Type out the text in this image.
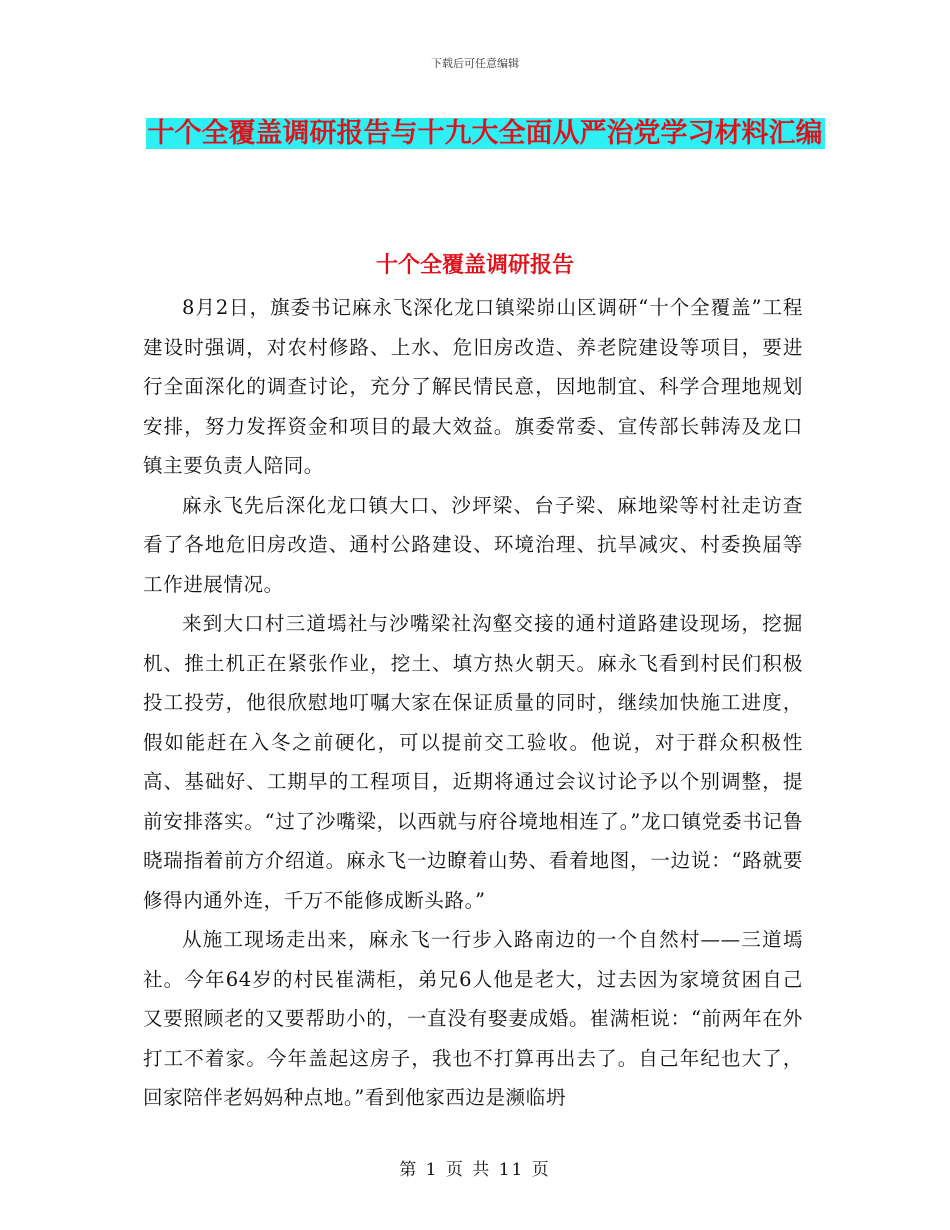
下载后可任意编辑
十个全覆盖调研报告与十九大全面从严治党学习材料汇编
十个全覆盖调研报告

8月2日，旗委书记麻永飞深化龙口镇梁峁山区调研“十个全覆盖”工程建设时强调，对农村修路、上水、危旧房改造、养老院建设等项目，要进行全面深化的调查讨论，充分了解民情民意，因地制宜、科学合理地规划安排，努力发挥资金和项目的最大效益。旗委常委、宣传部长韩涛及龙口镇主要负责人陪同。

麻永飞先后深化龙口镇大口、沙坪梁、台子梁、麻地梁等村社走访查看了各地危旧房改造、通村公路建设、环境治理、抗旱减灾、村委换届等工作进展情况。

来到大口村三道墕社与沙嘴梁社沟壑交接的通村道路建设现场，挖掘机、推土机正在紧张作业，挖土、填方热火朝天。麻永飞看到村民们积极投工投劳，他很欣慰地叮嘱大家在保证质量的同时，继续加快施工进度，假如能赶在入冬之前硬化，可以提前交工验收。他说，对于群众积极性高、基础好、工期早的工程项目，近期将通过会议讨论予以个别调整，提前安排落实。“过了沙嘴梁，以西就与府谷境地相连了。”龙口镇党委书记鲁晓瑞指着前方介绍道。麻永飞一边瞭着山势、看着地图，一边说：“路就要修得内通外连，千万不能修成断头路。”

从施工现场走出来，麻永飞一行步入路南边的一个自然村——三道墕社。今年64岁的村民崔满柜，弟兄6人他是老大，过去因为家境贫困自己又要照顾老的又要帮助小的，一直没有娶妻成婚。崔满柜说：“前两年在外打工不着家。今年盖起这房子，我也不打算再出去了。自己年纪也大了，回家陪伴老妈妈种点地。”看到他家西边是濒临坍

第 1 页 共 11 页
